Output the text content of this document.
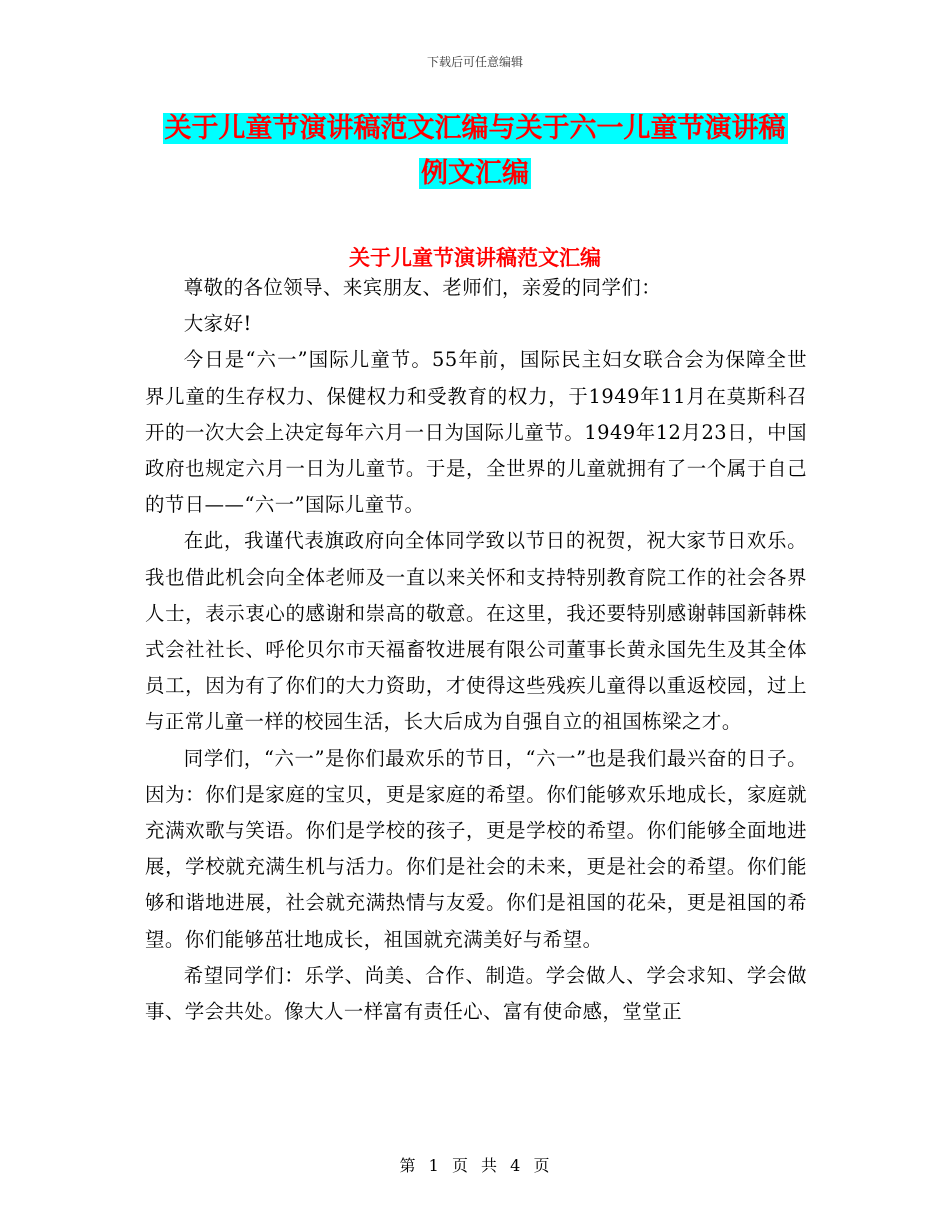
下载后可任意编辑
关于儿童节演讲稿范文汇编与关于六一儿童节演讲稿
例文汇编
关于儿童节演讲稿范文汇编

尊敬的各位领导、来宾朋友、老师们，亲爱的同学们：

大家好!

今日是“六一”国际儿童节。55年前，国际民主妇女联合会为保障全世界儿童的生存权力、保健权力和受教育的权力，于1949年11月在莫斯科召开的一次大会上决定每年六月一日为国际儿童节。1949年12月23日，中国政府也规定六月一日为儿童节。于是，全世界的儿童就拥有了一个属于自己的节日——“六一”国际儿童节。

在此，我谨代表旗政府向全体同学致以节日的祝贺，祝大家节日欢乐。我也借此机会向全体老师及一直以来关怀和支持特别教育院工作的社会各界人士，表示衷心的感谢和崇高的敬意。在这里，我还要特别感谢韩国新韩株式会社社长、呼伦贝尔市天福畜牧进展有限公司董事长黄永国先生及其全体员工，因为有了你们的大力资助，才使得这些残疾儿童得以重返校园，过上与正常儿童一样的校园生活，长大后成为自强自立的祖国栋梁之才。

同学们，“六一”是你们最欢乐的节日，“六一”也是我们最兴奋的日子。因为：你们是家庭的宝贝，更是家庭的希望。你们能够欢乐地成长，家庭就充满欢歌与笑语。你们是学校的孩子，更是学校的希望。你们能够全面地进展，学校就充满生机与活力。你们是社会的未来，更是社会的希望。你们能够和谐地进展，社会就充满热情与友爱。你们是祖国的花朵，更是祖国的希望。你们能够茁壮地成长，祖国就充满美好与希望。

希望同学们：乐学、尚美、合作、制造。学会做人、学会求知、学会做事、学会共处。像大人一样富有责任心、富有使命感，堂堂正

第 1 页 共 4 页
